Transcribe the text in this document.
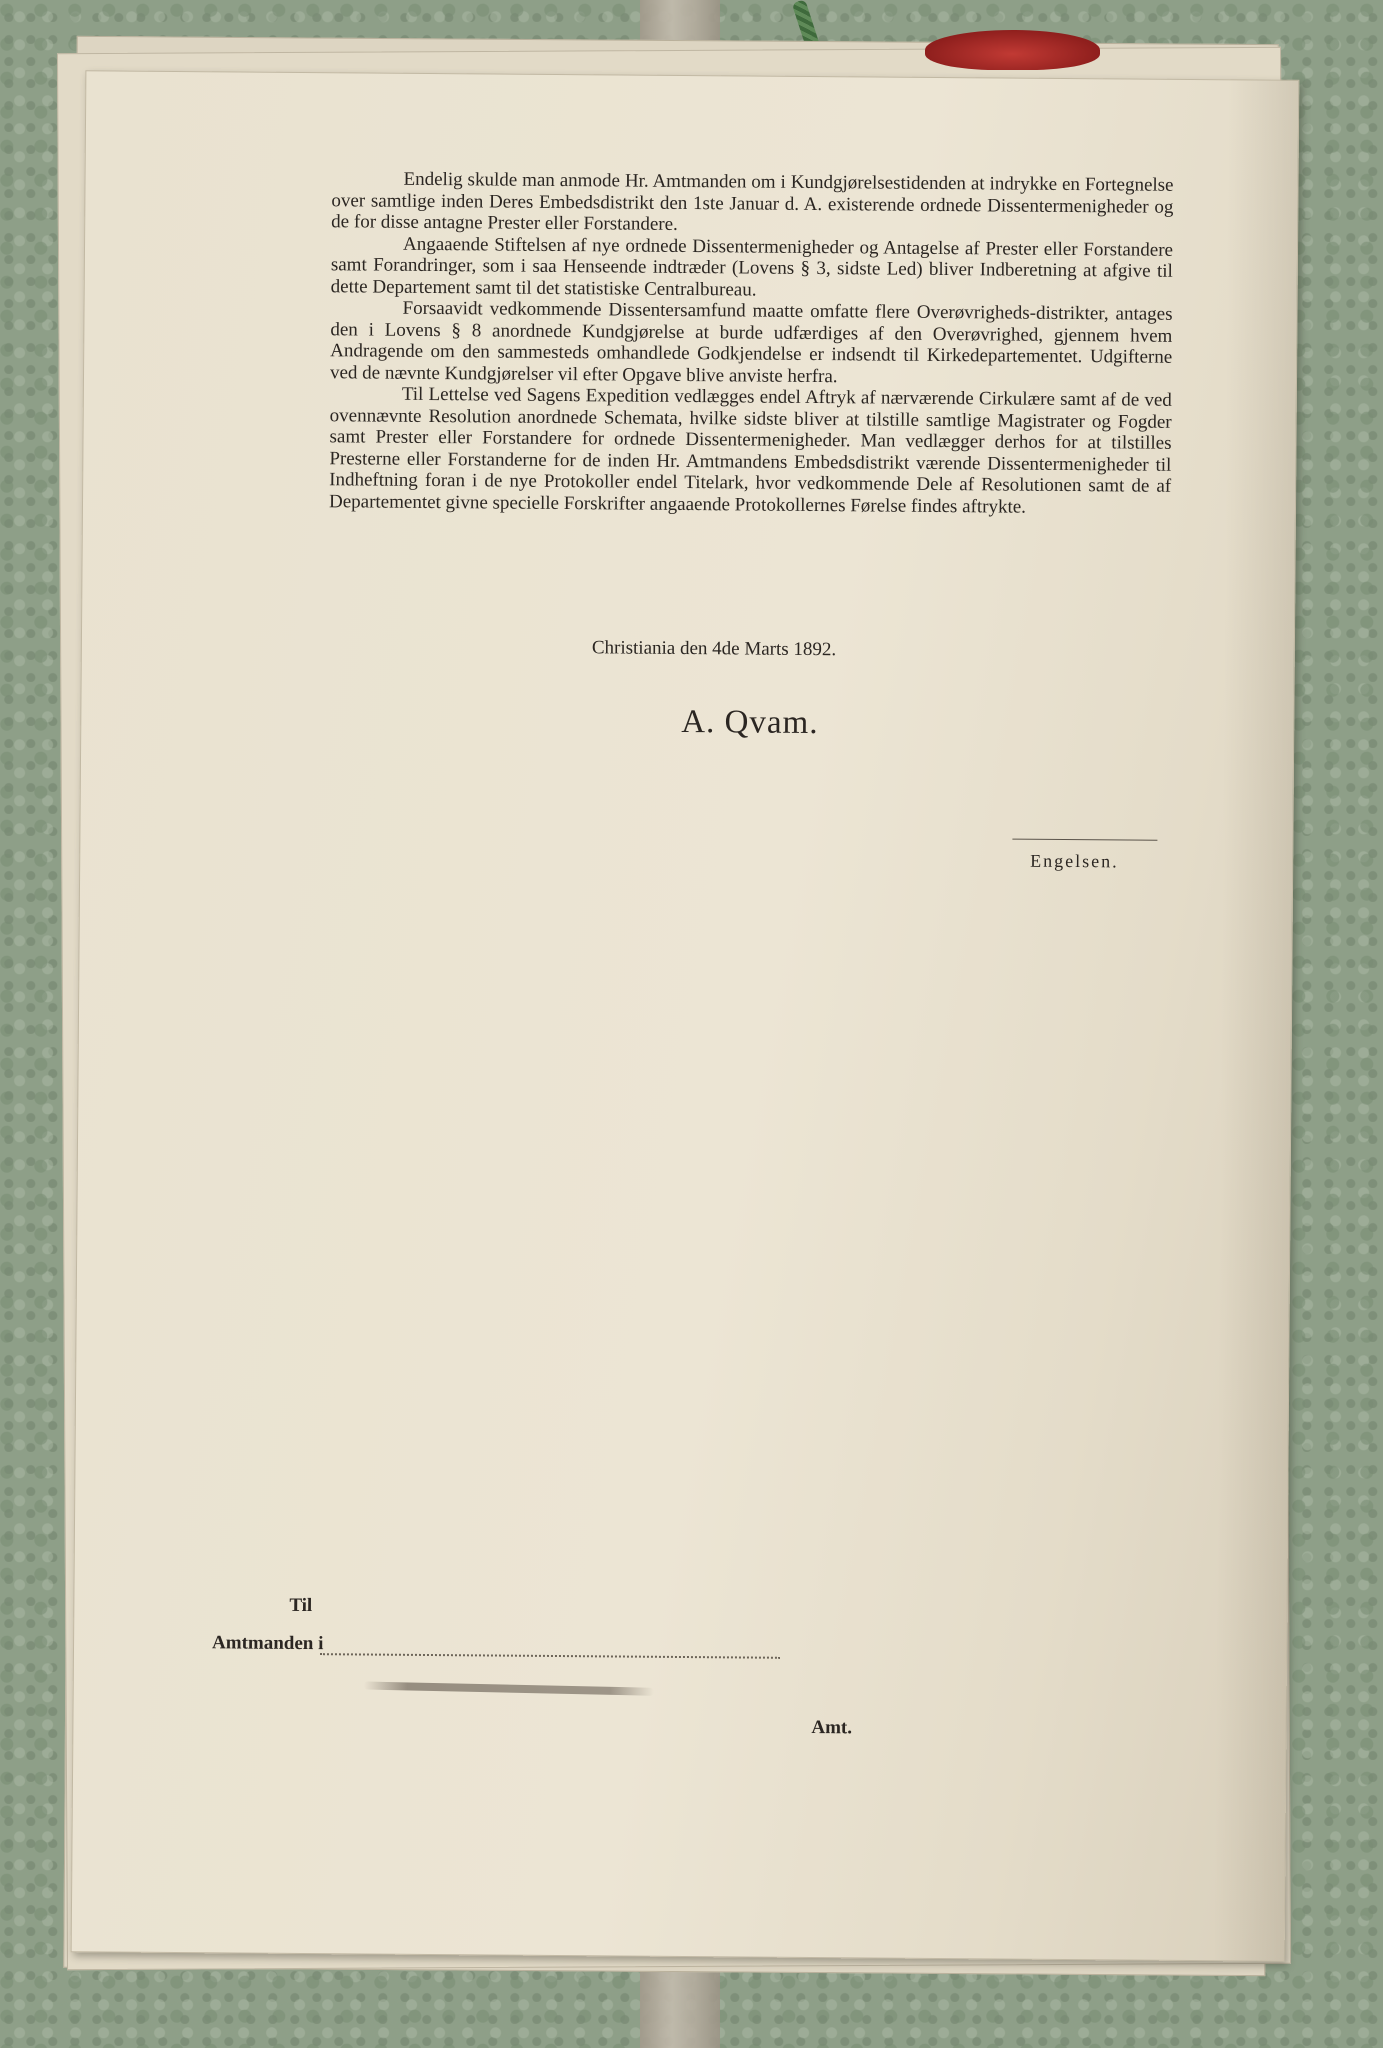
Endelig skulde man anmode Hr. Amtmanden om i Kundgjørelsestidenden at indrykke en Fortegnelse over samtlige inden Deres Embedsdistrikt den 1ste Januar d. A. existerende ordnede Dissentermenigheder og de for disse antagne Prester eller Forstandere.

Angaaende Stiftelsen af nye ordnede Dissentermenigheder og Antagelse af Prester eller Forstandere samt Forandringer, som i saa Henseende indtræder (Lovens § 3, sidste Led) bliver Indberetning at afgive til dette Departement samt til det statistiske Centralbureau.

Forsaavidt vedkommende Dissentersamfund maatte omfatte flere Overøvrigheds-distrikter, antages den i Lovens § 8 anordnede Kundgjørelse at burde udfærdiges af den Overøvrighed, gjennem hvem Andragende om den sammesteds omhandlede Godkjendelse er indsendt til Kirkedepartementet. Udgifterne ved de nævnte Kundgjørelser vil efter Opgave blive anviste herfra.

Til Lettelse ved Sagens Expedition vedlægges endel Aftryk af nærværende Cirkulære samt af de ved ovennævnte Resolution anordnede Schemata, hvilke sidste bliver at tilstille samtlige Magistrater og Fogder samt Prester eller Forstandere for ordnede Dissentermenigheder. Man vedlægger derhos for at tilstilles Presterne eller Forstanderne for de inden Hr. Amtmandens Embedsdistrikt værende Dissentermenigheder til Indheftning foran i de nye Protokoller endel Titelark, hvor vedkommende Dele af Resolutionen samt de af Departementet givne specielle Forskrifter angaaende Protokollernes Førelse findes aftrykte.

Christiania den 4de Marts 1892.
A. Qvam.
Engelsen.
Til
Amtmanden i
Amt.
